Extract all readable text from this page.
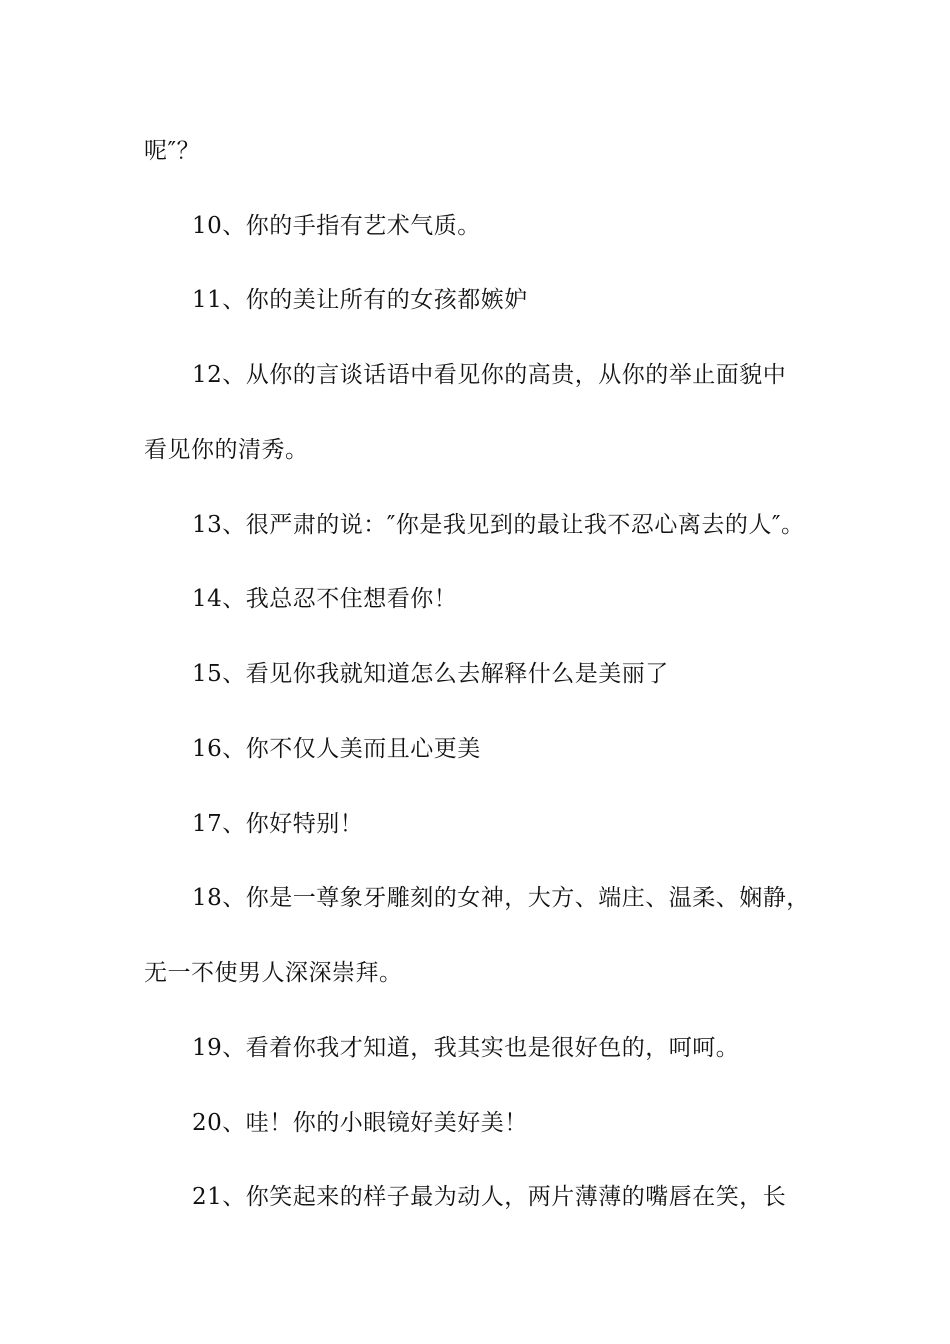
呢″？
10、你的手指有艺术气质。
11、你的美让所有的女孩都嫉妒
12、从你的言谈话语中看见你的高贵，从你的举止面貌中
看见你的清秀。
13、很严肃的说：″你是我见到的最让我不忍心离去的人″。
14、我总忍不住想看你！
15、看见你我就知道怎么去解释什么是美丽了
16、你不仅人美而且心更美
17、你好特别！
18、你是一尊象牙雕刻的女神，大方、端庄、温柔、娴静，
无一不使男人深深崇拜。
19、看着你我才知道，我其实也是很好色的，呵呵。
20、哇！你的小眼镜好美好美！
21、你笑起来的样子最为动人，两片薄薄的嘴唇在笑，长
